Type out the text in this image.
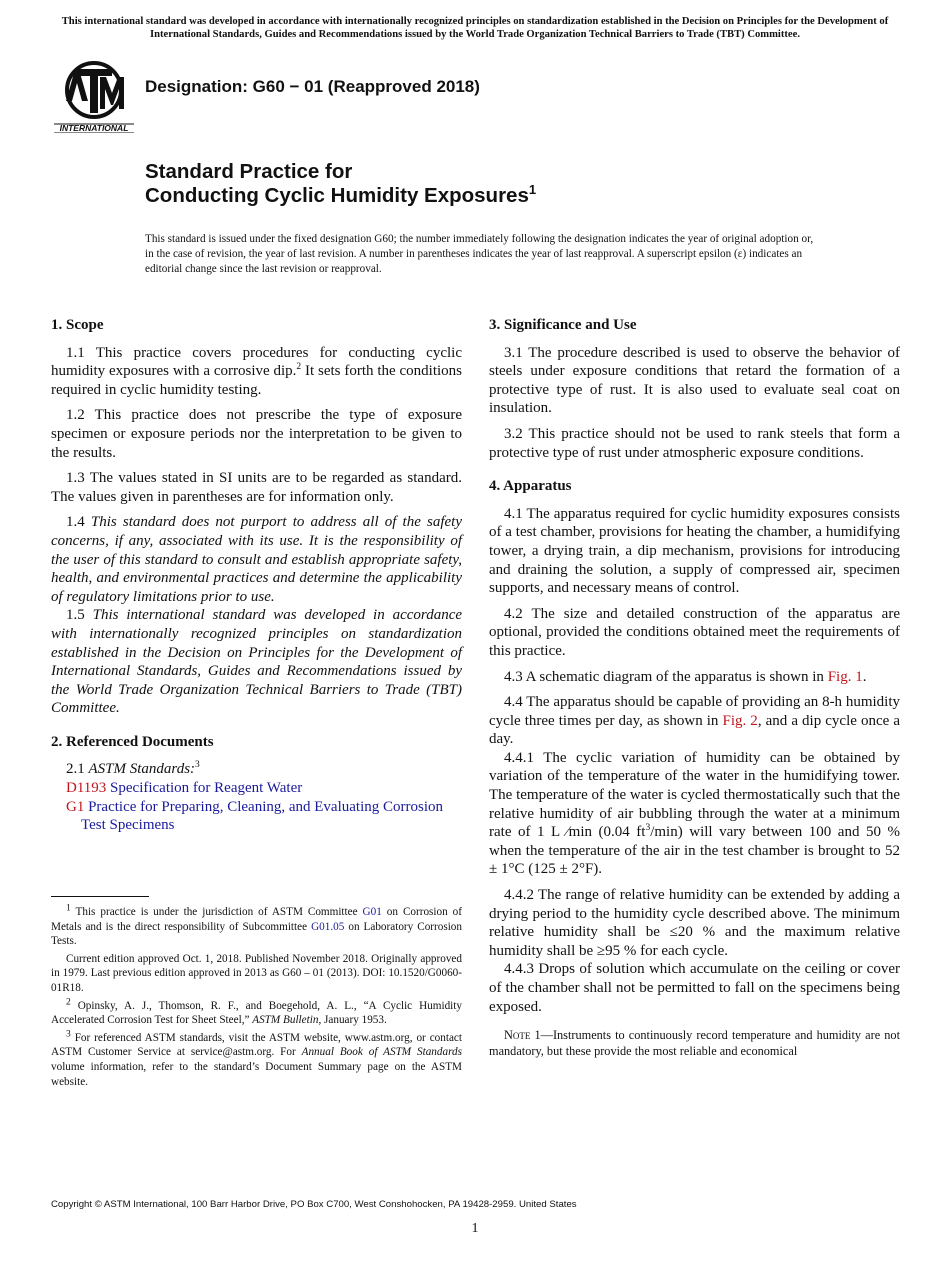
This international standard was developed in accordance with internationally recognized principles on standardization established in the Decision on Principles for the Development of International Standards, Guides and Recommendations issued by the World Trade Organization Technical Barriers to Trade (TBT) Committee.
INTERNATIONAL
Designation: G60 − 01 (Reapproved 2018)
Standard Practice for
Conducting Cyclic Humidity Exposures$^1$
This standard is issued under the fixed designation G60; the number immediately following the designation indicates the year of original adoption or, in the case of revision, the year of last revision. A number in parentheses indicates the year of last reapproval. A superscript epsilon (ε) indicates an editorial change since the last revision or reapproval.
1. Scope

1.1 This practice covers procedures for conducting cyclic humidity exposures with a corrosive dip.$^2$ It sets forth the conditions required in cyclic humidity testing.

1.2 This practice does not prescribe the type of exposure specimen or exposure periods nor the interpretation to be given to the results.

1.3 The values stated in SI units are to be regarded as standard. The values given in parentheses are for information only.

1.4 This standard does not purport to address all of the safety concerns, if any, associated with its use. It is the responsibility of the user of this standard to consult and establish appropriate safety, health, and environmental practices and determine the applicability of regulatory limitations prior to use.

1.5 This international standard was developed in accordance with internationally recognized principles on standardization established in the Decision on Principles for the Development of International Standards, Guides and Recommendations issued by the World Trade Organization Technical Barriers to Trade (TBT) Committee.

2. Referenced Documents

2.1 ASTM Standards:$^3$

D1193 Specification for Reagent Water
G1 Practice for Preparing, Cleaning, and Evaluating Corrosion Test Specimens

$^1$ This practice is under the jurisdiction of ASTM Committee G01 on Corrosion of Metals and is the direct responsibility of Subcommittee G01.05 on Laboratory Corrosion Tests.

Current edition approved Oct. 1, 2018. Published November 2018. Originally approved in 1979. Last previous edition approved in 2013 as G60 – 01 (2013). DOI: 10.1520/G0060-01R18.

$^2$ Opinsky, A. J., Thomson, R. F., and Boegehold, A. L., “A Cyclic Humidity Accelerated Corrosion Test for Sheet Steel,” ASTM Bulletin, January 1953.

$^3$ For referenced ASTM standards, visit the ASTM website, www.astm.org, or contact ASTM Customer Service at service@astm.org. For Annual Book of ASTM Standards volume information, refer to the standard’s Document Summary page on the ASTM website.

3. Significance and Use

3.1 The procedure described is used to observe the behavior of steels under exposure conditions that retard the formation of a protective type of rust. It is also used to evaluate seal coat on insulation.

3.2 This practice should not be used to rank steels that form a protective type of rust under atmospheric exposure conditions.

4. Apparatus

4.1 The apparatus required for cyclic humidity exposures consists of a test chamber, provisions for heating the chamber, a humidifying tower, a drying train, a dip mechanism, provisions for introducing and draining the solution, a supply of compressed air, specimen supports, and necessary means of control.

4.2 The size and detailed construction of the apparatus are optional, provided the conditions obtained meet the requirements of this practice.

4.3 A schematic diagram of the apparatus is shown in Fig. 1.

4.4 The apparatus should be capable of providing an 8-h humidity cycle three times per day, as shown in Fig. 2, and a dip cycle once a day.

4.4.1 The cyclic variation of humidity can be obtained by variation of the temperature of the water in the humidifying tower. The temperature of the water is cycled thermostatically such that the relative humidity of air bubbling through the water at a minimum rate of 1 L ⁄min (0.04 $ft^3/\min$) will vary between 100 and 50 % when the temperature of the air in the test chamber is brought to 52 ± 1°C (125 ± 2°F).

4.4.2 The range of relative humidity can be extended by adding a drying period to the humidity cycle described above. The minimum relative humidity shall be ≤20 % and the maximum relative humidity shall be ≥95 % for each cycle.

4.4.3 Drops of solution which accumulate on the ceiling or cover of the chamber shall not be permitted to fall on the specimens being exposed.

Note 1—Instruments to continuously record temperature and humidity are not mandatory, but these provide the most reliable and economical

Copyright © ASTM International, 100 Barr Harbor Drive, PO Box C700, West Conshohocken, PA 19428-2959. United States
1
